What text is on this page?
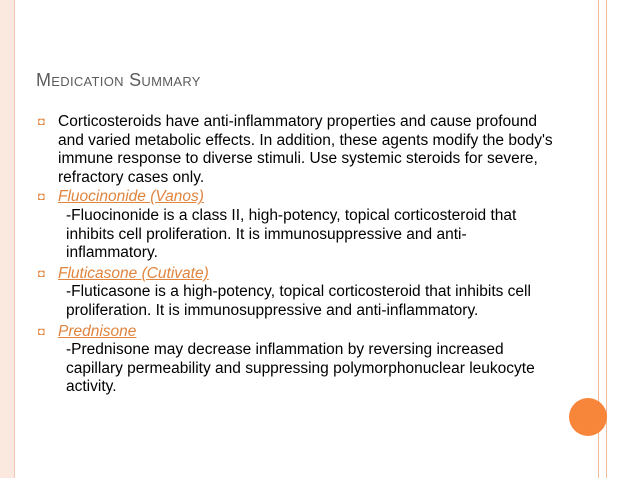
Medication Summary
◘ Corticosteroids have anti-inflammatory properties and cause profound and varied metabolic effects. In addition, these agents modify the body's immune response to diverse stimuli. Use systemic steroids for severe, refractory cases only.
◘ Fluocinonide (Vanos)
-Fluocinonide is a class II, high-potency, topical corticosteroid that inhibits cell proliferation. It is immunosuppressive and anti-inflammatory.
◘ Fluticasone (Cutivate)
-Fluticasone is a high-potency, topical corticosteroid that inhibits cell proliferation. It is immunosuppressive and anti-inflammatory.
◘ Prednisone
-Prednisone may decrease inflammation by reversing increased capillary permeability and suppressing polymorphonuclear leukocyte activity.
